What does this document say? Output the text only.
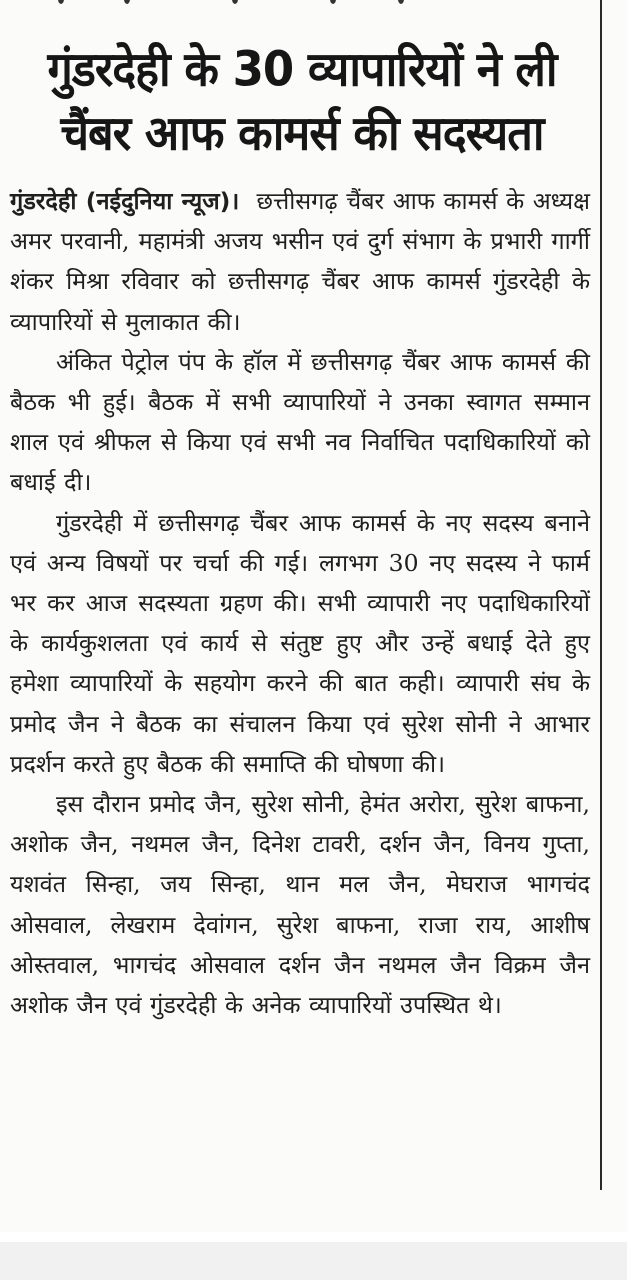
गुंडरदेही के 30 व्यापारियों ने ली
चैंबर आफ कामर्स की सदस्यता

गुंडरदेही (नईदुनिया न्यूज)। छत्तीसगढ़ चैंबर आफ कामर्स के अध्यक्ष अमर परवानी, महामंत्री अजय भसीन एवं दुर्ग संभाग के प्रभारी गार्गी शंकर मिश्रा रविवार को छत्तीसगढ़ चैंबर आफ कामर्स गुंडरदेही के व्यापारियों से मुलाकात की।

अंकित पेट्रोल पंप के हॉल में छत्तीसगढ़ चैंबर आफ कामर्स की बैठक भी हुई। बैठक में सभी व्यापारियों ने उनका स्वागत सम्मान शाल एवं श्रीफल से किया एवं सभी नव निर्वाचित पदाधिकारियों को बधाई दी।

गुंडरदेही में छत्तीसगढ़ चैंबर आफ कामर्स के नए सदस्य बनाने एवं अन्य विषयों पर चर्चा की गई। लगभग 30 नए सदस्य ने फार्म भर कर आज सदस्यता ग्रहण की। सभी व्यापारी नए पदाधिकारियों के कार्यकुशलता एवं कार्य से संतुष्ट हुए और उन्हें बधाई देते हुए हमेशा व्यापारियों के सहयोग करने की बात कही। व्यापारी संघ के प्रमोद जैन ने बैठक का संचालन किया एवं सुरेश सोनी ने आभार प्रदर्शन करते हुए बैठक की समाप्ति की घोषणा की।

इस दौरान प्रमोद जैन, सुरेश सोनी, हेमंत अरोरा, सुरेश बाफना, अशोक जैन, नथमल जैन, दिनेश टावरी, दर्शन जैन, विनय गुप्ता, यशवंत सिन्हा, जय सिन्हा, थान मल जैन, मेघराज भागचंद ओसवाल, लेखराम देवांगन, सुरेश बाफना, राजा राय, आशीष ओस्तवाल, भागचंद ओसवाल दर्शन जैन नथमल जैन विक्रम जैन अशोक जैन एवं गुंडरदेही के अनेक व्यापारियों उपस्थित थे।
